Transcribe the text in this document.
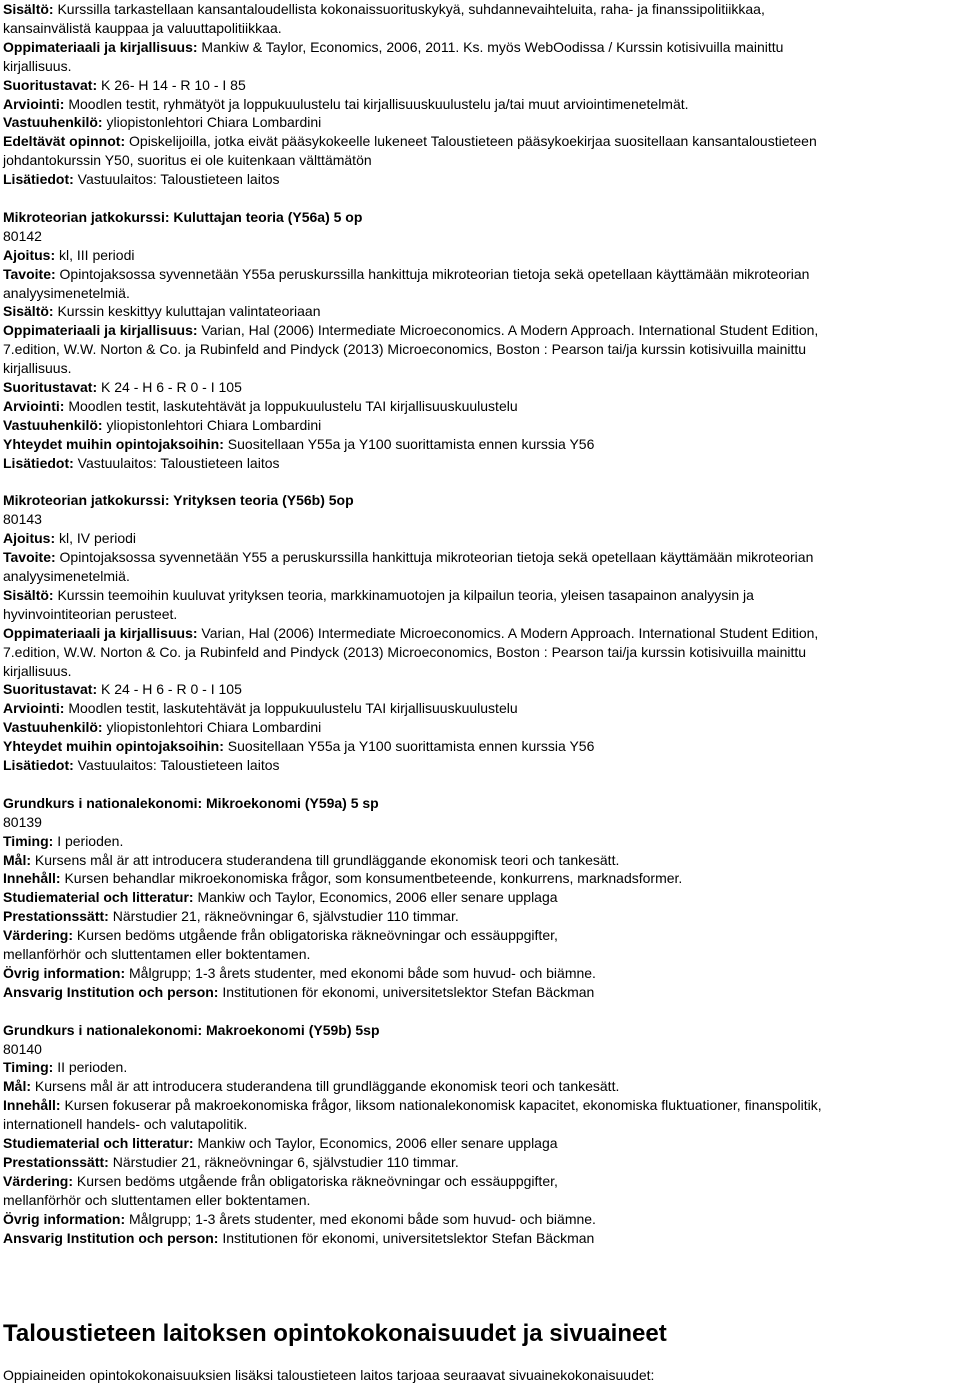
Sisältö: Kurssilla tarkastellaan kansantaloudellista kokonaissuorituskykyä, suhdannevaihteluita, raha- ja finanssipolitiikkaa,
kansainvälistä kauppaa ja valuuttapolitiikkaa.
Oppimateriaali ja kirjallisuus: Mankiw & Taylor, Economics, 2006, 2011. Ks. myös WebOodissa / Kurssin kotisivuilla mainittu
kirjallisuus.
Suoritustavat: K 26- H 14 - R 10 - I 85
Arviointi: Moodlen testit, ryhmätyöt ja loppukuulustelu tai kirjallisuuskuulustelu ja/tai muut arviointimenetelmät.
Vastuuhenkilö: yliopistonlehtori Chiara Lombardini
Edeltävät opinnot: Opiskelijoilla, jotka eivät pääsykokeelle lukeneet Taloustieteen pääsykoekirjaa suositellaan kansantaloustieteen
johdantokurssin Y50, suoritus ei ole kuitenkaan välttämätön
Lisätiedot: Vastuulaitos: Taloustieteen laitos
Mikroteorian jatkokurssi: Kuluttajan teoria (Y56a) 5 op
80142
Ajoitus: kl, III periodi
Tavoite: Opintojaksossa syvennetään Y55a peruskurssilla hankittuja mikroteorian tietoja sekä opetellaan käyttämään mikroteorian
analyysimenetelmiä.
Sisältö: Kurssin keskittyy kuluttajan valintateoriaan
Oppimateriaali ja kirjallisuus: Varian, Hal (2006) Intermediate Microeconomics. A Modern Approach. International Student Edition,
7.edition, W.W. Norton & Co. ja Rubinfeld and Pindyck (2013) Microeconomics, Boston : Pearson tai/ja kurssin kotisivuilla mainittu
kirjallisuus.
Suoritustavat: K 24 - H 6 - R 0 - I 105
Arviointi: Moodlen testit, laskutehtävät ja loppukuulustelu TAI kirjallisuuskuulustelu
Vastuuhenkilö: yliopistonlehtori Chiara Lombardini
Yhteydet muihin opintojaksoihin: Suositellaan Y55a ja Y100 suorittamista ennen kurssia Y56
Lisätiedot: Vastuulaitos: Taloustieteen laitos
Mikroteorian jatkokurssi: Yrityksen teoria (Y56b) 5op
80143
Ajoitus: kl, IV periodi
Tavoite: Opintojaksossa syvennetään Y55 a peruskurssilla hankittuja mikroteorian tietoja sekä opetellaan käyttämään mikroteorian
analyysimenetelmiä.
Sisältö: Kurssin teemoihin kuuluvat yrityksen teoria, markkinamuotojen ja kilpailun teoria, yleisen tasapainon analyysin ja
hyvinvointiteorian perusteet.
Oppimateriaali ja kirjallisuus: Varian, Hal (2006) Intermediate Microeconomics. A Modern Approach. International Student Edition,
7.edition, W.W. Norton & Co. ja Rubinfeld and Pindyck (2013) Microeconomics, Boston : Pearson tai/ja kurssin kotisivuilla mainittu
kirjallisuus.
Suoritustavat: K 24 - H 6 - R 0 - I 105
Arviointi: Moodlen testit, laskutehtävät ja loppukuulustelu TAI kirjallisuuskuulustelu
Vastuuhenkilö: yliopistonlehtori Chiara Lombardini
Yhteydet muihin opintojaksoihin: Suositellaan Y55a ja Y100 suorittamista ennen kurssia Y56
Lisätiedot: Vastuulaitos: Taloustieteen laitos
Grundkurs i nationalekonomi: Mikroekonomi (Y59a) 5 sp
80139
Timing: I perioden.
Mål: Kursens mål är att introducera studerandena till grundläggande ekonomisk teori och tankesätt.
Innehåll: Kursen behandlar mikroekonomiska frågor, som konsumentbeteende, konkurrens, marknadsformer.
Studiematerial och litteratur: Mankiw och Taylor, Economics, 2006 eller senare upplaga
Prestationssätt: Närstudier 21, räkneövningar 6, självstudier 110 timmar.
Värdering: Kursen bedöms utgående från obligatoriska räkneövningar och essäuppgifter,
mellanförhör och sluttentamen eller boktentamen.
Övrig information: Målgrupp; 1-3 årets studenter, med ekonomi både som huvud- och biämne.
Ansvarig Institution och person: Institutionen för ekonomi, universitetslektor Stefan Bäckman
Grundkurs i nationalekonomi: Makroekonomi (Y59b) 5sp
80140
Timing: II perioden.
Mål: Kursens mål är att introducera studerandena till grundläggande ekonomisk teori och tankesätt.
Innehåll: Kursen fokuserar på makroekonomiska frågor, liksom nationalekonomisk kapacitet, ekonomiska fluktuationer, finanspolitik,
internationell handels- och valutapolitik.
Studiematerial och litteratur: Mankiw och Taylor, Economics, 2006 eller senare upplaga
Prestationssätt: Närstudier 21, räkneövningar 6, självstudier 110 timmar.
Värdering: Kursen bedöms utgående från obligatoriska räkneövningar och essäuppgifter,
mellanförhör och sluttentamen eller boktentamen.
Övrig information: Målgrupp; 1-3 årets studenter, med ekonomi både som huvud- och biämne.
Ansvarig Institution och person: Institutionen för ekonomi, universitetslektor Stefan Bäckman
Taloustieteen laitoksen opintokokonaisuudet ja sivuaineet
Oppiaineiden opintokokonaisuuksien lisäksi taloustieteen laitos tarjoaa seuraavat sivuainekokonaisuudet:
